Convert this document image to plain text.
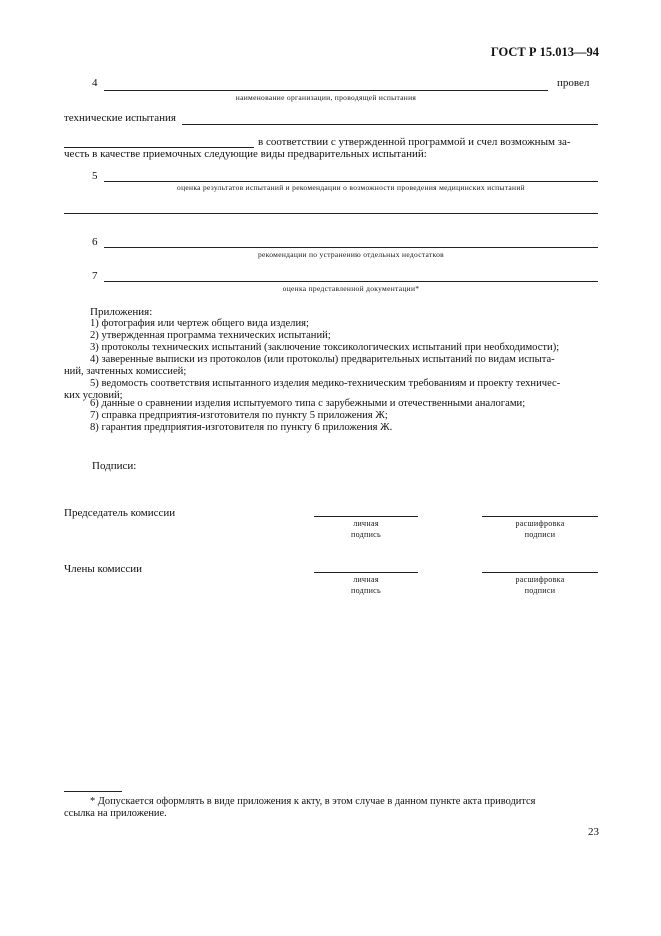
ГОСТ Р 15.013—94
4	провел
наименование организации, проводящей испытания
технические испытания
в соответствии с утвержденной программой и счел возможным за-
честь в качестве приемочных следующие виды предварительных испытаний:
5
оценка результатов испытаний и рекомендации о возможности проведения медицинских испытаний
6
рекомендации по устранению отдельных недостатков
7
оценка представленной документации*
Приложения:
1) фотография или чертеж общего вида изделия;
2) утвержденная программа технических испытаний;
3) протоколы технических испытаний (заключение токсикологических испытаний при необходимости);
4) заверенные выписки из протоколов (или протоколы) предварительных испытаний по видам испыта-
ний, зачтенных комиссией;
5) ведомость соответствия испытанного изделия медико-техническим требованиям и проекту техничес-
ких условий;
6) данные о сравнении изделия испытуемого типа с зарубежными и отечественными аналогами;
7) справка предприятия-изготовителя по пункту 5 приложения Ж;
8) гарантия предприятия-изготовителя по пункту 6 приложения Ж.
Подписи:
Председатель комиссии
личная
подпись
расшифровка
подписи
Члены комиссии
личная
подпись
расшифровка
подписи
* Допускается оформлять в виде приложения к акту, в этом случае в данном пункте акта приводится
ссылка на приложение.
23
